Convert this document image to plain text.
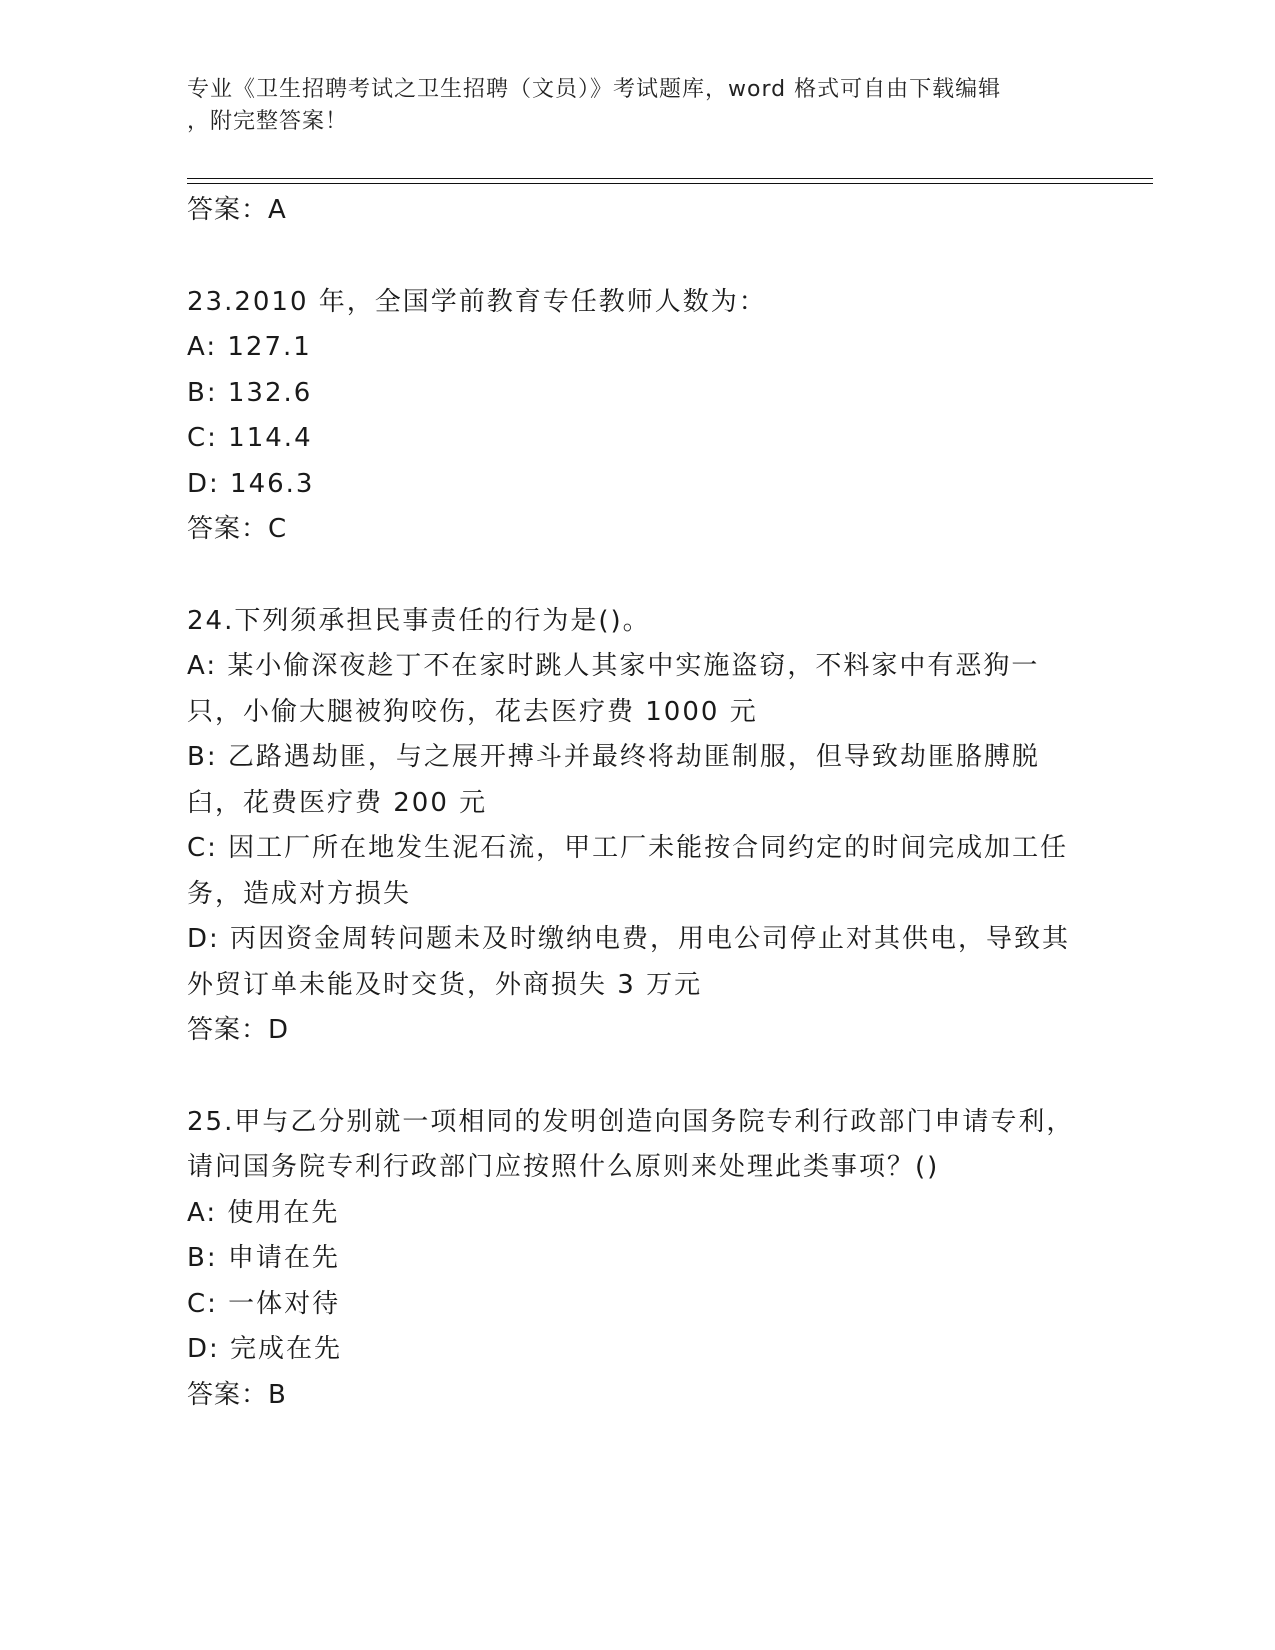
专业《卫生招聘考试之卫生招聘（文员）》考试题库，word 格式可自由下载编辑
，附完整答案！
答案：A
23.2010 年，全国学前教育专任教师人数为：
A: 127.1
B: 132.6
C: 114.4
D: 146.3
答案：C
24.下列须承担民事责任的行为是()。
A: 某小偷深夜趁丁不在家时跳人其家中实施盗窃，不料家中有恶狗一只，小偷大腿被狗咬伤，花去医疗费 1000 元
B: 乙路遇劫匪，与之展开搏斗并最终将劫匪制服，但导致劫匪胳膊脱臼，花费医疗费 200 元
C: 因工厂所在地发生泥石流，甲工厂未能按合同约定的时间完成加工任务，造成对方损失
D: 丙因资金周转问题未及时缴纳电费，用电公司停止对其供电，导致其外贸订单未能及时交货，外商损失 3 万元
答案：D
25.甲与乙分别就一项相同的发明创造向国务院专利行政部门申请专利，请问国务院专利行政部门应按照什么原则来处理此类事项？()
A: 使用在先
B: 申请在先
C: 一体对待
D: 完成在先
答案：B
